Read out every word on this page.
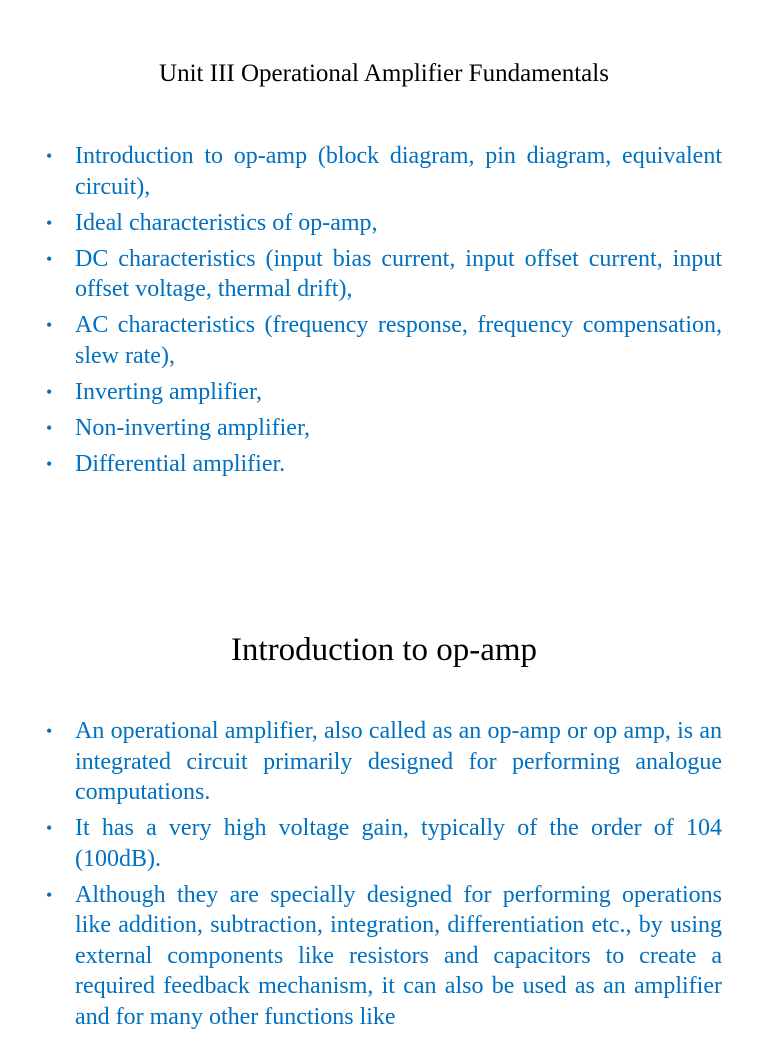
Unit III Operational Amplifier Fundamentals
• Introduction to op-amp (block diagram, pin diagram, equivalent circuit),
• Ideal characteristics of op-amp,
• DC characteristics (input bias current, input offset current, input offset voltage, thermal drift),
• AC characteristics (frequency response, frequency compensation, slew rate),
• Inverting amplifier,
• Non-inverting amplifier,
• Differential amplifier.
Introduction to op-amp
• An operational amplifier, also called as an op-amp or op amp, is an integrated circuit primarily designed for performing analogue computations.
• It has a very high voltage gain, typically of the order of 104 (100dB).
• Although they are specially designed for performing operations like addition, subtraction, integration, differentiation etc., by using external components like resistors and capacitors to create a required feedback mechanism, it can also be used as an amplifier and for many other functions like
